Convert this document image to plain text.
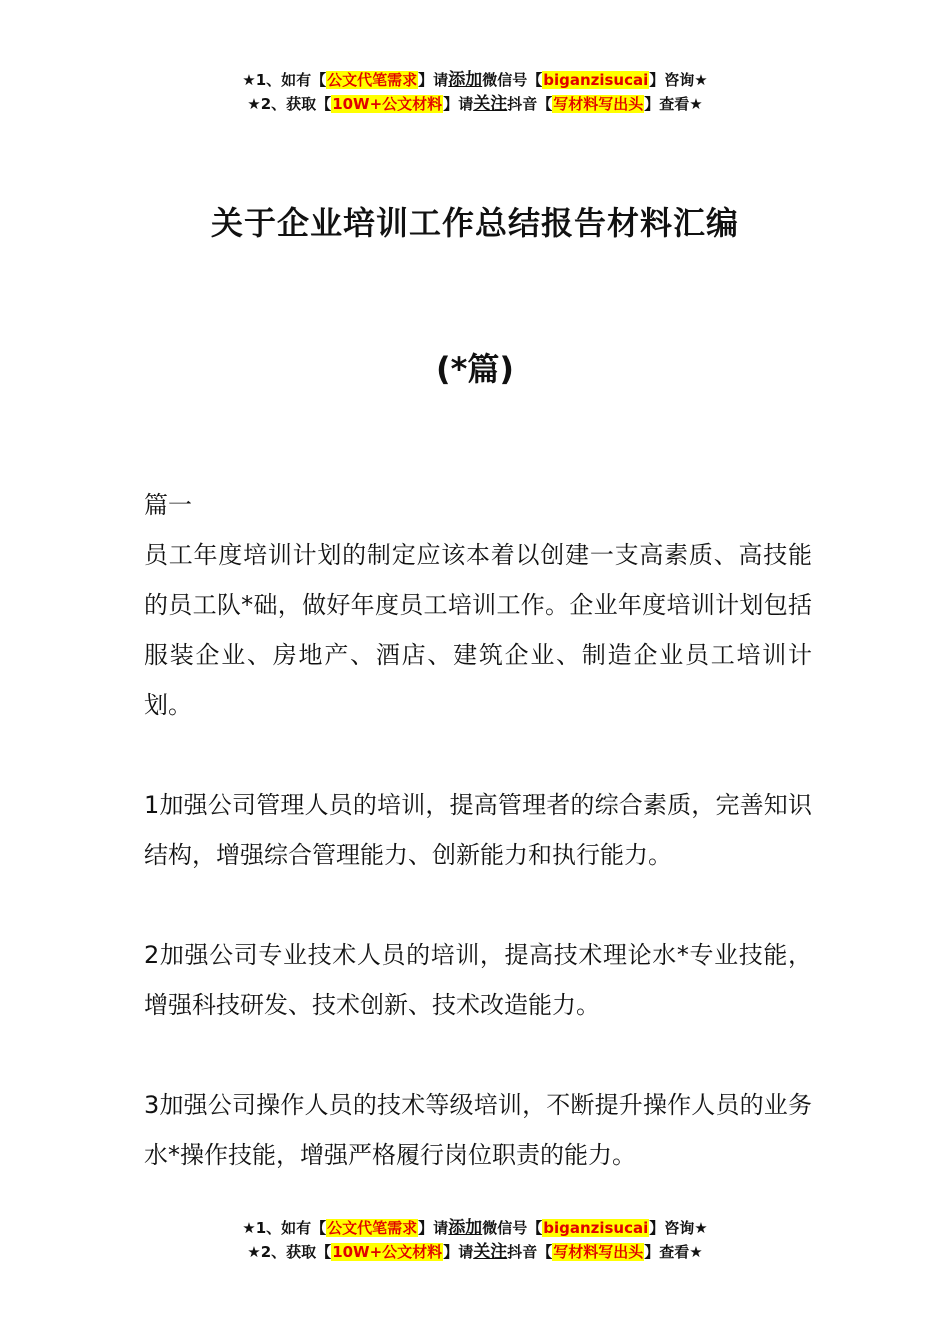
★1、如有【公文代笔需求】请添加微信号【biganzisucai】咨询★
★2、获取【10W+公文材料】请关注抖音【写材料写出头】查看★
关于企业培训工作总结报告材料汇编
(*篇)

篇一

员工年度培训计划的制定应该本着以创建一支高素质、高技能的员工队*础，做好年度员工培训工作。企业年度培训计划包括服装企业、房地产、酒店、建筑企业、制造企业员工培训计划。

1加强公司管理人员的培训，提高管理者的综合素质，完善知识结构，增强综合管理能力、创新能力和执行能力。

2加强公司专业技术人员的培训，提高技术理论水*专业技能，增强科技研发、技术创新、技术改造能力。

3加强公司操作人员的技术等级培训，不断提升操作人员的业务水*操作技能，增强严格履行岗位职责的能力。

★1、如有【公文代笔需求】请添加微信号【biganzisucai】咨询★
★2、获取【10W+公文材料】请关注抖音【写材料写出头】查看★
